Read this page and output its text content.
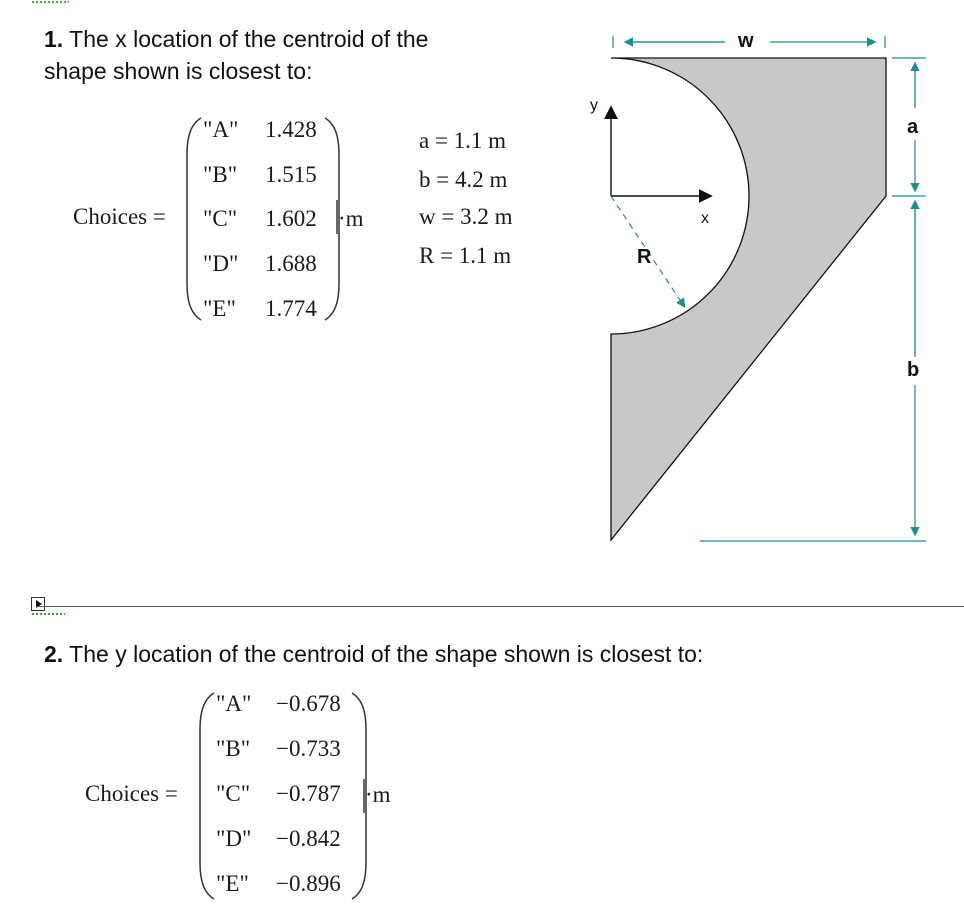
1. The x location of the centroid of the
shape shown is closest to:
Choices =
"A" 1.428
"B" 1.515
"C" 1.602
"D" 1.688
"E" 1.774
·m
a = 1.1 m
b = 4.2 m
w = 3.2 m
R = 1.1 m
w
a
b
y
x
R
2. The y location of the centroid of the shape shown is closest to:
Choices =
"A" −0.678
"B" −0.733
"C" −0.787
"D" −0.842
"E" −0.896
·m
